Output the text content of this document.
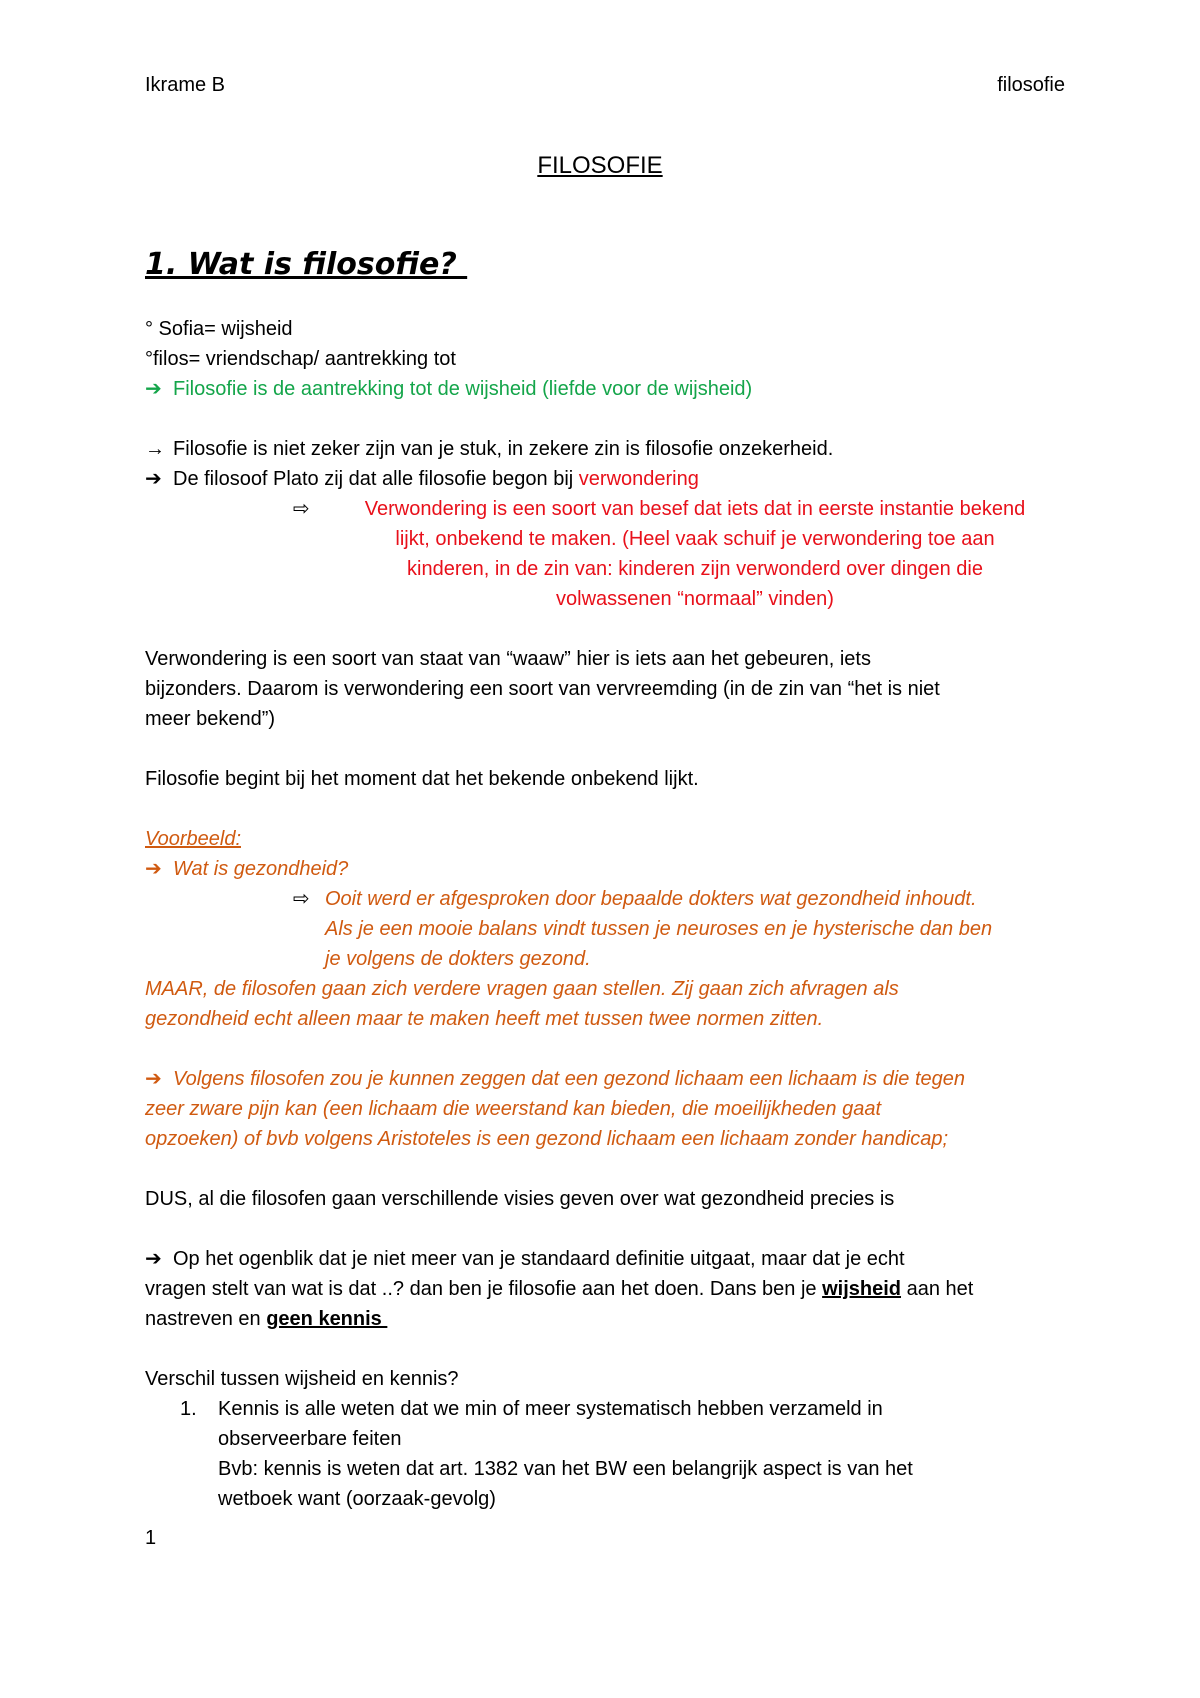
Ikrame B	filosofie
FILOSOFIE
1. Wat is filosofie?

° Sofia= wijsheid

°filos= vriendschap/ aantrekking tot

➔ Filosofie is de aantrekking tot de wijsheid (liefde voor de wijsheid)

→ Filosofie is niet zeker zijn van je stuk, in zekere zin is filosofie onzekerheid.

➔ De filosoof Plato zij dat alle filosofie begon bij verwondering

⇨	Verwondering is een soort van besef dat iets dat in eerste instantie bekend

lijkt, onbekend te maken. (Heel vaak schuif je verwondering toe aan

kinderen, in de zin van: kinderen zijn verwonderd over dingen die

volwassenen “normaal” vinden)

Verwondering is een soort van staat van “waaw” hier is iets aan het gebeuren, iets

bijzonders. Daarom is verwondering een soort van vervreemding (in de zin van “het is niet

meer bekend”)

Filosofie begint bij het moment dat het bekende onbekend lijkt.

Voorbeeld:

➔ Wat is gezondheid?

⇨ Ooit werd er afgesproken door bepaalde dokters wat gezondheid inhoudt.

Als je een mooie balans vindt tussen je neuroses en je hysterische dan ben

je volgens de dokters gezond.

MAAR, de filosofen gaan zich verdere vragen gaan stellen. Zij gaan zich afvragen als

gezondheid echt alleen maar te maken heeft met tussen twee normen zitten.

➔ Volgens filosofen zou je kunnen zeggen dat een gezond lichaam een lichaam is die tegen

zeer zware pijn kan (een lichaam die weerstand kan bieden, die moeilijkheden gaat

opzoeken) of bvb volgens Aristoteles is een gezond lichaam een lichaam zonder handicap;

DUS, al die filosofen gaan verschillende visies geven over wat gezondheid precies is

➔ Op het ogenblik dat je niet meer van je standaard definitie uitgaat, maar dat je echt

vragen stelt van wat is dat ..? dan ben je filosofie aan het doen. Dans ben je wijsheid aan het

nastreven en geen kennis

Verschil tussen wijsheid en kennis?

1. Kennis is alle weten dat we min of meer systematisch hebben verzameld in

observeerbare feiten

Bvb: kennis is weten dat art. 1382 van het BW een belangrijk aspect is van het

wetboek want (oorzaak-gevolg)

1
